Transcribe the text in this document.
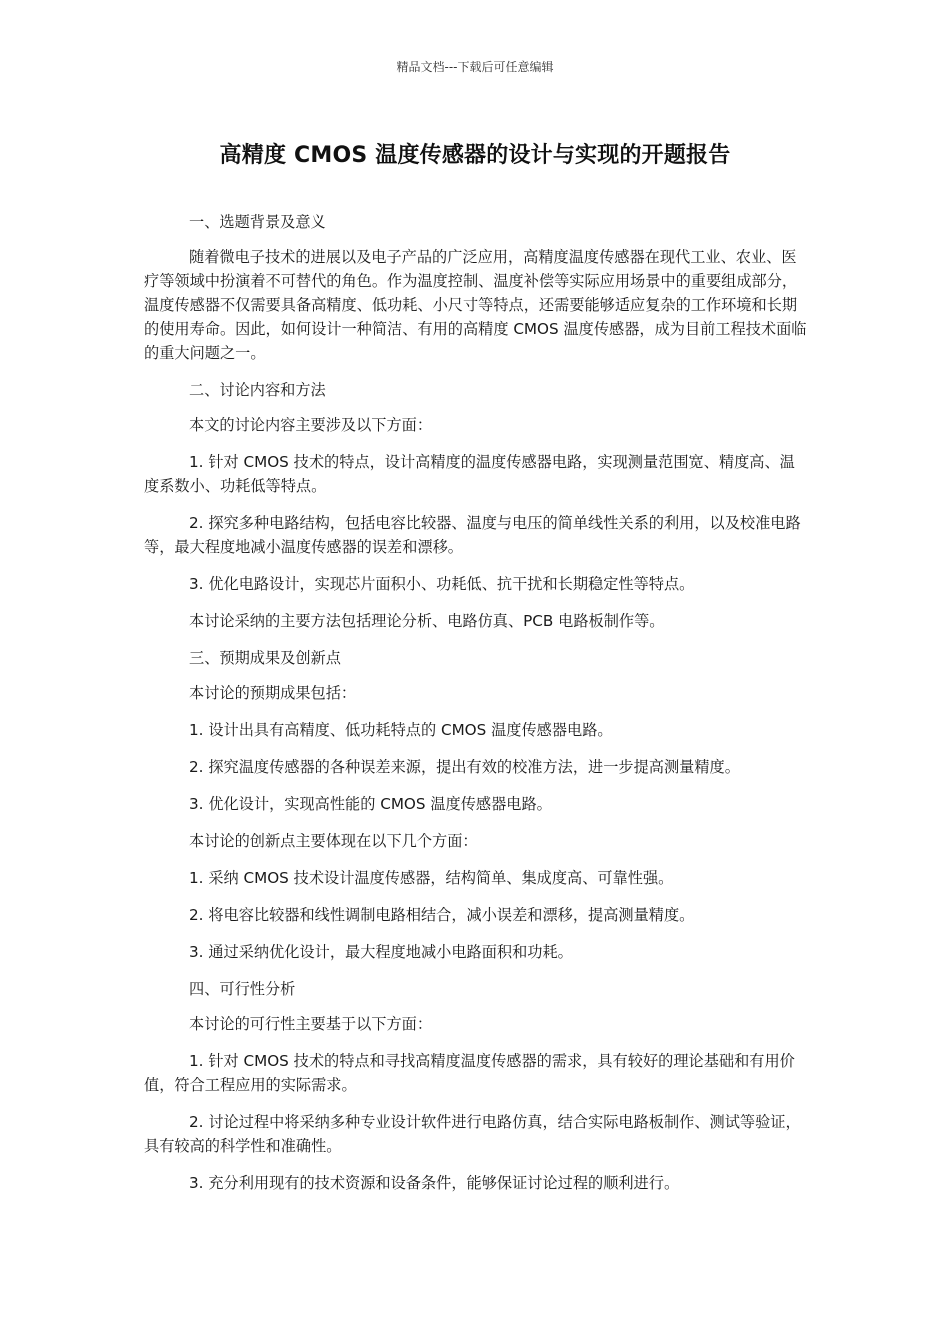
精品文档---下载后可任意编辑
高精度 CMOS 温度传感器的设计与实现的开题报告

一、选题背景及意义

随着微电子技术的进展以及电子产品的广泛应用，高精度温度传感器在现代工业、农业、医疗等领域中扮演着不可替代的角色。作为温度控制、温度补偿等实际应用场景中的重要组成部分，温度传感器不仅需要具备高精度、低功耗、小尺寸等特点，还需要能够适应复杂的工作环境和长期的使用寿命。因此，如何设计一种简洁、有用的高精度 CMOS 温度传感器，成为目前工程技术面临的重大问题之一。

二、讨论内容和方法

本文的讨论内容主要涉及以下方面：

1. 针对 CMOS 技术的特点，设计高精度的温度传感器电路，实现测量范围宽、精度高、温度系数小、功耗低等特点。

2. 探究多种电路结构，包括电容比较器、温度与电压的简单线性关系的利用，以及校准电路等，最大程度地减小温度传感器的误差和漂移。

3. 优化电路设计，实现芯片面积小、功耗低、抗干扰和长期稳定性等特点。

本讨论采纳的主要方法包括理论分析、电路仿真、PCB 电路板制作等。

三、预期成果及创新点

本讨论的预期成果包括：

1. 设计出具有高精度、低功耗特点的 CMOS 温度传感器电路。

2. 探究温度传感器的各种误差来源，提出有效的校准方法，进一步提高测量精度。

3. 优化设计，实现高性能的 CMOS 温度传感器电路。

本讨论的创新点主要体现在以下几个方面：

1. 采纳 CMOS 技术设计温度传感器，结构简单、集成度高、可靠性强。

2. 将电容比较器和线性调制电路相结合，减小误差和漂移，提高测量精度。

3. 通过采纳优化设计，最大程度地减小电路面积和功耗。

四、可行性分析

本讨论的可行性主要基于以下方面：

1. 针对 CMOS 技术的特点和寻找高精度温度传感器的需求，具有较好的理论基础和有用价值，符合工程应用的实际需求。

2. 讨论过程中将采纳多种专业设计软件进行电路仿真，结合实际电路板制作、测试等验证，具有较高的科学性和准确性。

3. 充分利用现有的技术资源和设备条件，能够保证讨论过程的顺利进行。
